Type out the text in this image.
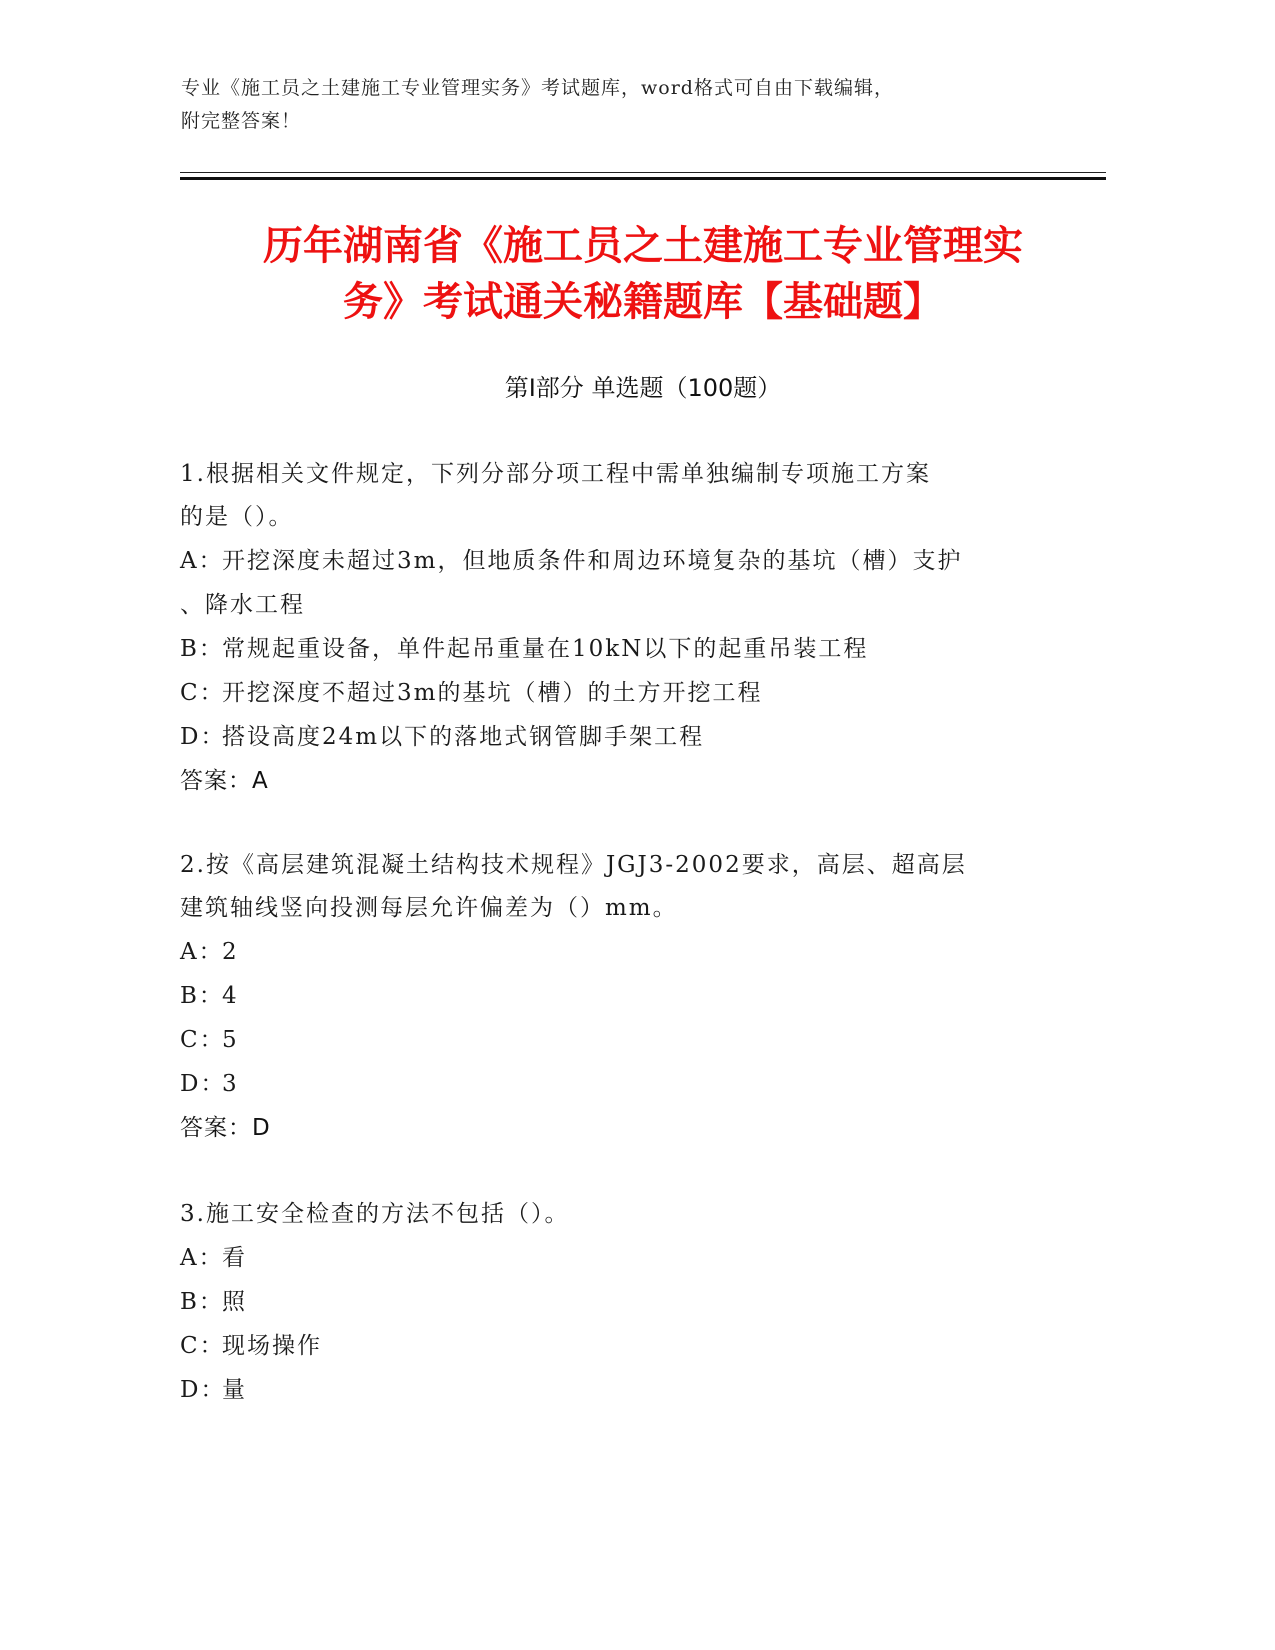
专业《施工员之土建施工专业管理实务》考试题库，word格式可自由下载编辑，
附完整答案！
历年湖南省《施工员之土建施工专业管理实
务》考试通关秘籍题库【基础题】
第Ⅰ部分 单选题（100题）
1.根据相关文件规定，下列分部分项工程中需单独编制专项施工方案
的是（）。
A：开挖深度未超过3m，但地质条件和周边环境复杂的基坑（槽）支护
、降水工程
B：常规起重设备，单件起吊重量在10kN以下的起重吊装工程
C：开挖深度不超过3m的基坑（槽）的土方开挖工程
D：搭设高度24m以下的落地式钢管脚手架工程
答案：A
2.按《高层建筑混凝土结构技术规程》JGJ3-2002要求，高层、超高层
建筑轴线竖向投测每层允许偏差为（）mm。
A：2
B：4
C：5
D：3
答案：D
3.施工安全检查的方法不包括（）。
A：看
B：照
C：现场操作
D：量
